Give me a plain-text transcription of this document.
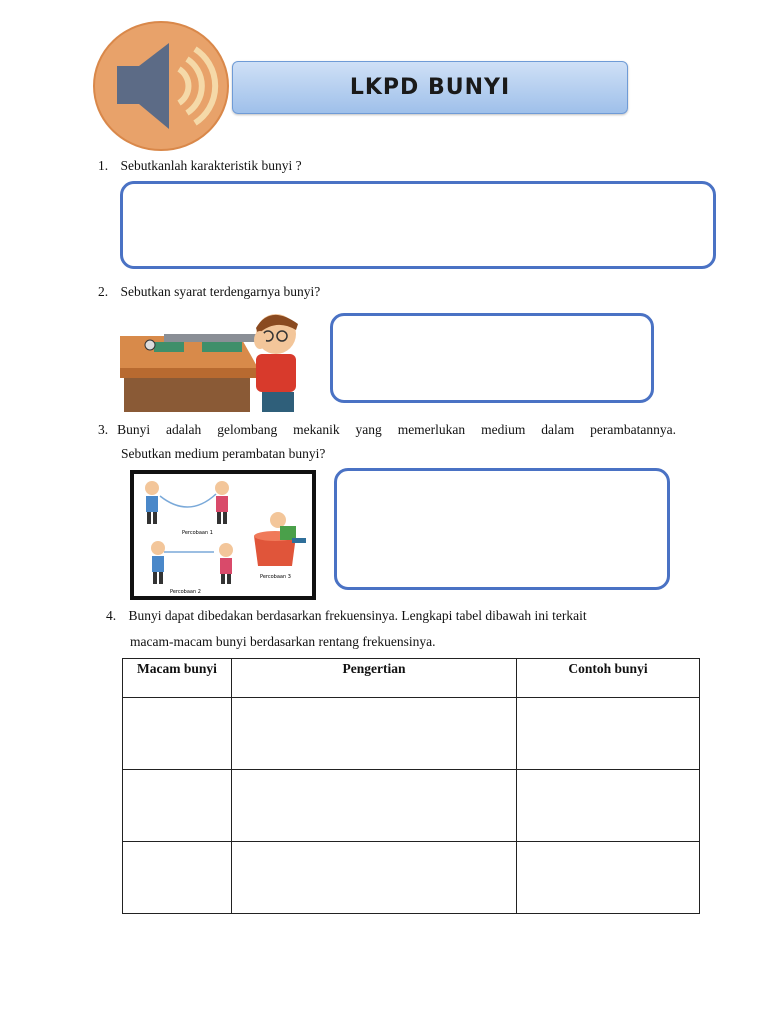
LKPD BUNYI
1. Sebutkanlah karakteristik bunyi ?
2. Sebutkan syarat terdengarnya bunyi?
3. Bunyi adalah gelombang mekanik yang memerlukan medium dalam perambatannya.
Sebutkan medium perambatan bunyi?
Percobaan 1
Percobaan 2
Percobaan 3
4. Bunyi dapat dibedakan berdasarkan frekuensinya. Lengkapi tabel dibawah ini terkait
macam-macam bunyi berdasarkan rentang frekuensinya.
Macam bunyi	Pengertian	Contoh bunyi
